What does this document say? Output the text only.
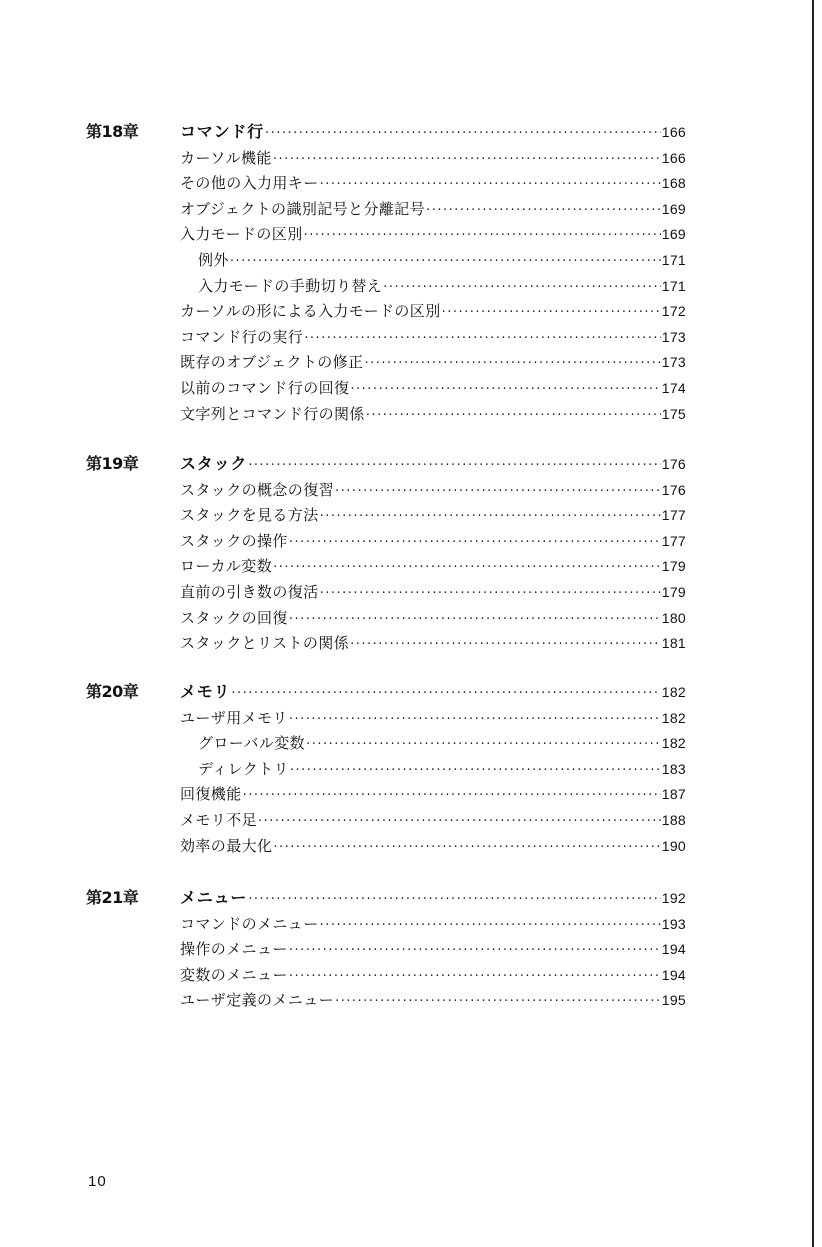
第18章	コマンド行 ·····	166
カーソル機能 ·····	166
その他の入力用キー ·····	168
オブジェクトの識別記号と分離記号 ·····	169
入力モードの区別 ·····	169
例外 ·····	171
入力モードの手動切り替え ·····	171
カーソルの形による入力モードの区別 ·····	172
コマンド行の実行 ·····	173
既存のオブジェクトの修正 ·····	173
以前のコマンド行の回復 ·····	174
文字列とコマンド行の関係 ·····	175
第19章	スタック ·····	176
スタックの概念の復習 ·····	176
スタックを見る方法 ·····	177
スタックの操作 ·····	177
ローカル変数 ·····	179
直前の引き数の復活 ·····	179
スタックの回復 ·····	180
スタックとリストの関係 ·····	181
第20章	メモリ ·····	182
ユーザ用メモリ ·····	182
グローバル変数 ·····	182
ディレクトリ ·····	183
回復機能 ·····	187
メモリ不足 ·····	188
効率の最大化 ·····	190
第21章	メニュー ·····	192
コマンドのメニュー ·····	193
操作のメニュー ·····	194
変数のメニュー ·····	194
ユーザ定義のメニュー ·····	195
10
